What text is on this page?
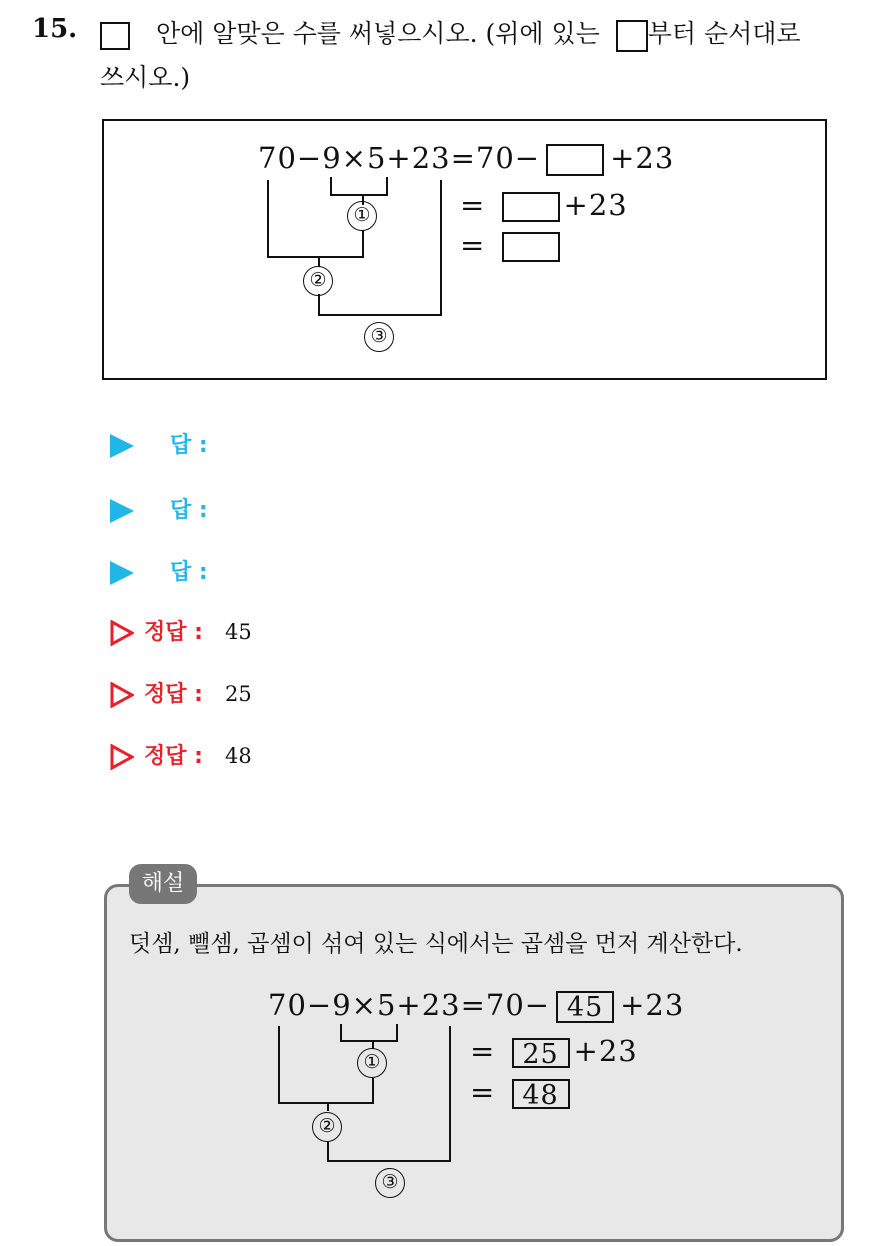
15.	안에 알맞은 수를 써넣으시오. (위에 있는 부터 순서대로
쓰시오.)
70−9×5+23=70− +23
=	+23
=
①
②
③
답 :
답 :
답 :
정답 : 45
정답 : 25
정답 : 48
해설
덧셈, 뺄셈, 곱셈이 섞여 있는 식에서는 곱셈을 먼저 계산한다.
70−9×5+23=70− 45 +23
= 25 +23
= 48
①
②
③
